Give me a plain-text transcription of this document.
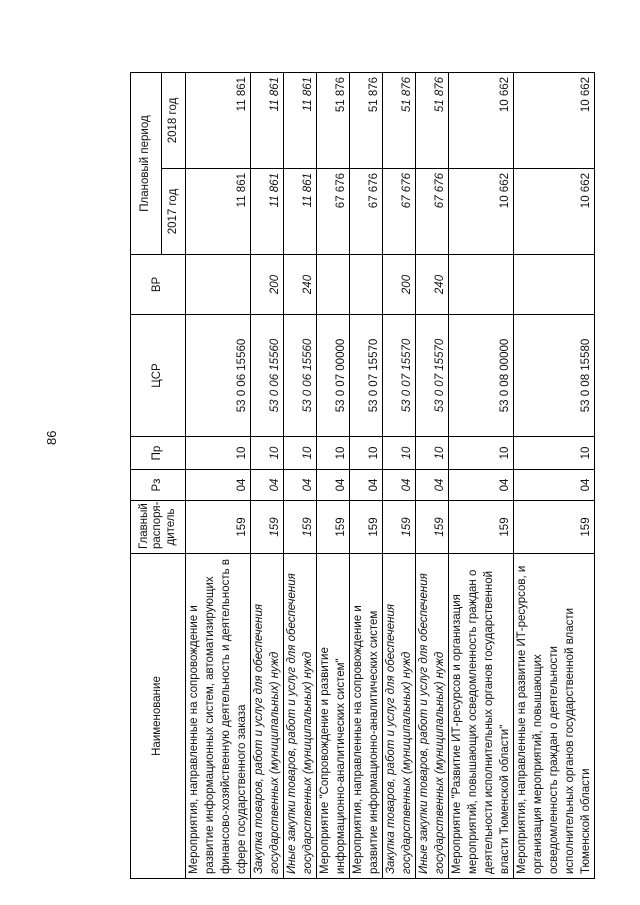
86
Наименование	Главный распоря-дитель	Рз	Пр	ЦСР	ВР	Плановый период	
						2017 год	2018 год
Мероприятия, направленные на сопровождение и развитие информационных систем, автоматизирующих финансово-хозяйственную деятельность и деятельность в сфере государственного заказа	159	04	10	53 0 06 15560		11 861	11 861
Закупка товаров, работ и услуг для обеспечения государственных (муниципальных) нужд	159	04	10	53 0 06 15560	200	11 861	11 861
Иные закупки товаров, работ и услуг для обеспечения государственных (муниципальных) нужд	159	04	10	53 0 06 15560	240	11 861	11 861
Мероприятие "Сопровождение и развитие информационно-аналитических систем"	159	04	10	53 0 07 00000		67 676	51 876
Мероприятия, направленные на сопровождение и развитие информационно-аналитических систем	159	04	10	53 0 07 15570		67 676	51 876
Закупка товаров, работ и услуг для обеспечения государственных (муниципальных) нужд	159	04	10	53 0 07 15570	200	67 676	51 876
Иные закупки товаров, работ и услуг для обеспечения государственных (муниципальных) нужд	159	04	10	53 0 07 15570	240	67 676	51 876
Мероприятие "Развитие ИТ-ресурсов и организация мероприятий, повышающих осведомленность граждан о деятельности исполнительных органов государственной власти Тюменской области"	159	04	10	53 0 08 00000		10 662	10 662
Мероприятия, направленные на развитие ИТ-ресурсов, и организация мероприятий, повышающих осведомленность граждан о деятельности исполнительных органов государственной власти Тюменской области	159	04	10	53 0 08 15580		10 662	10 662
